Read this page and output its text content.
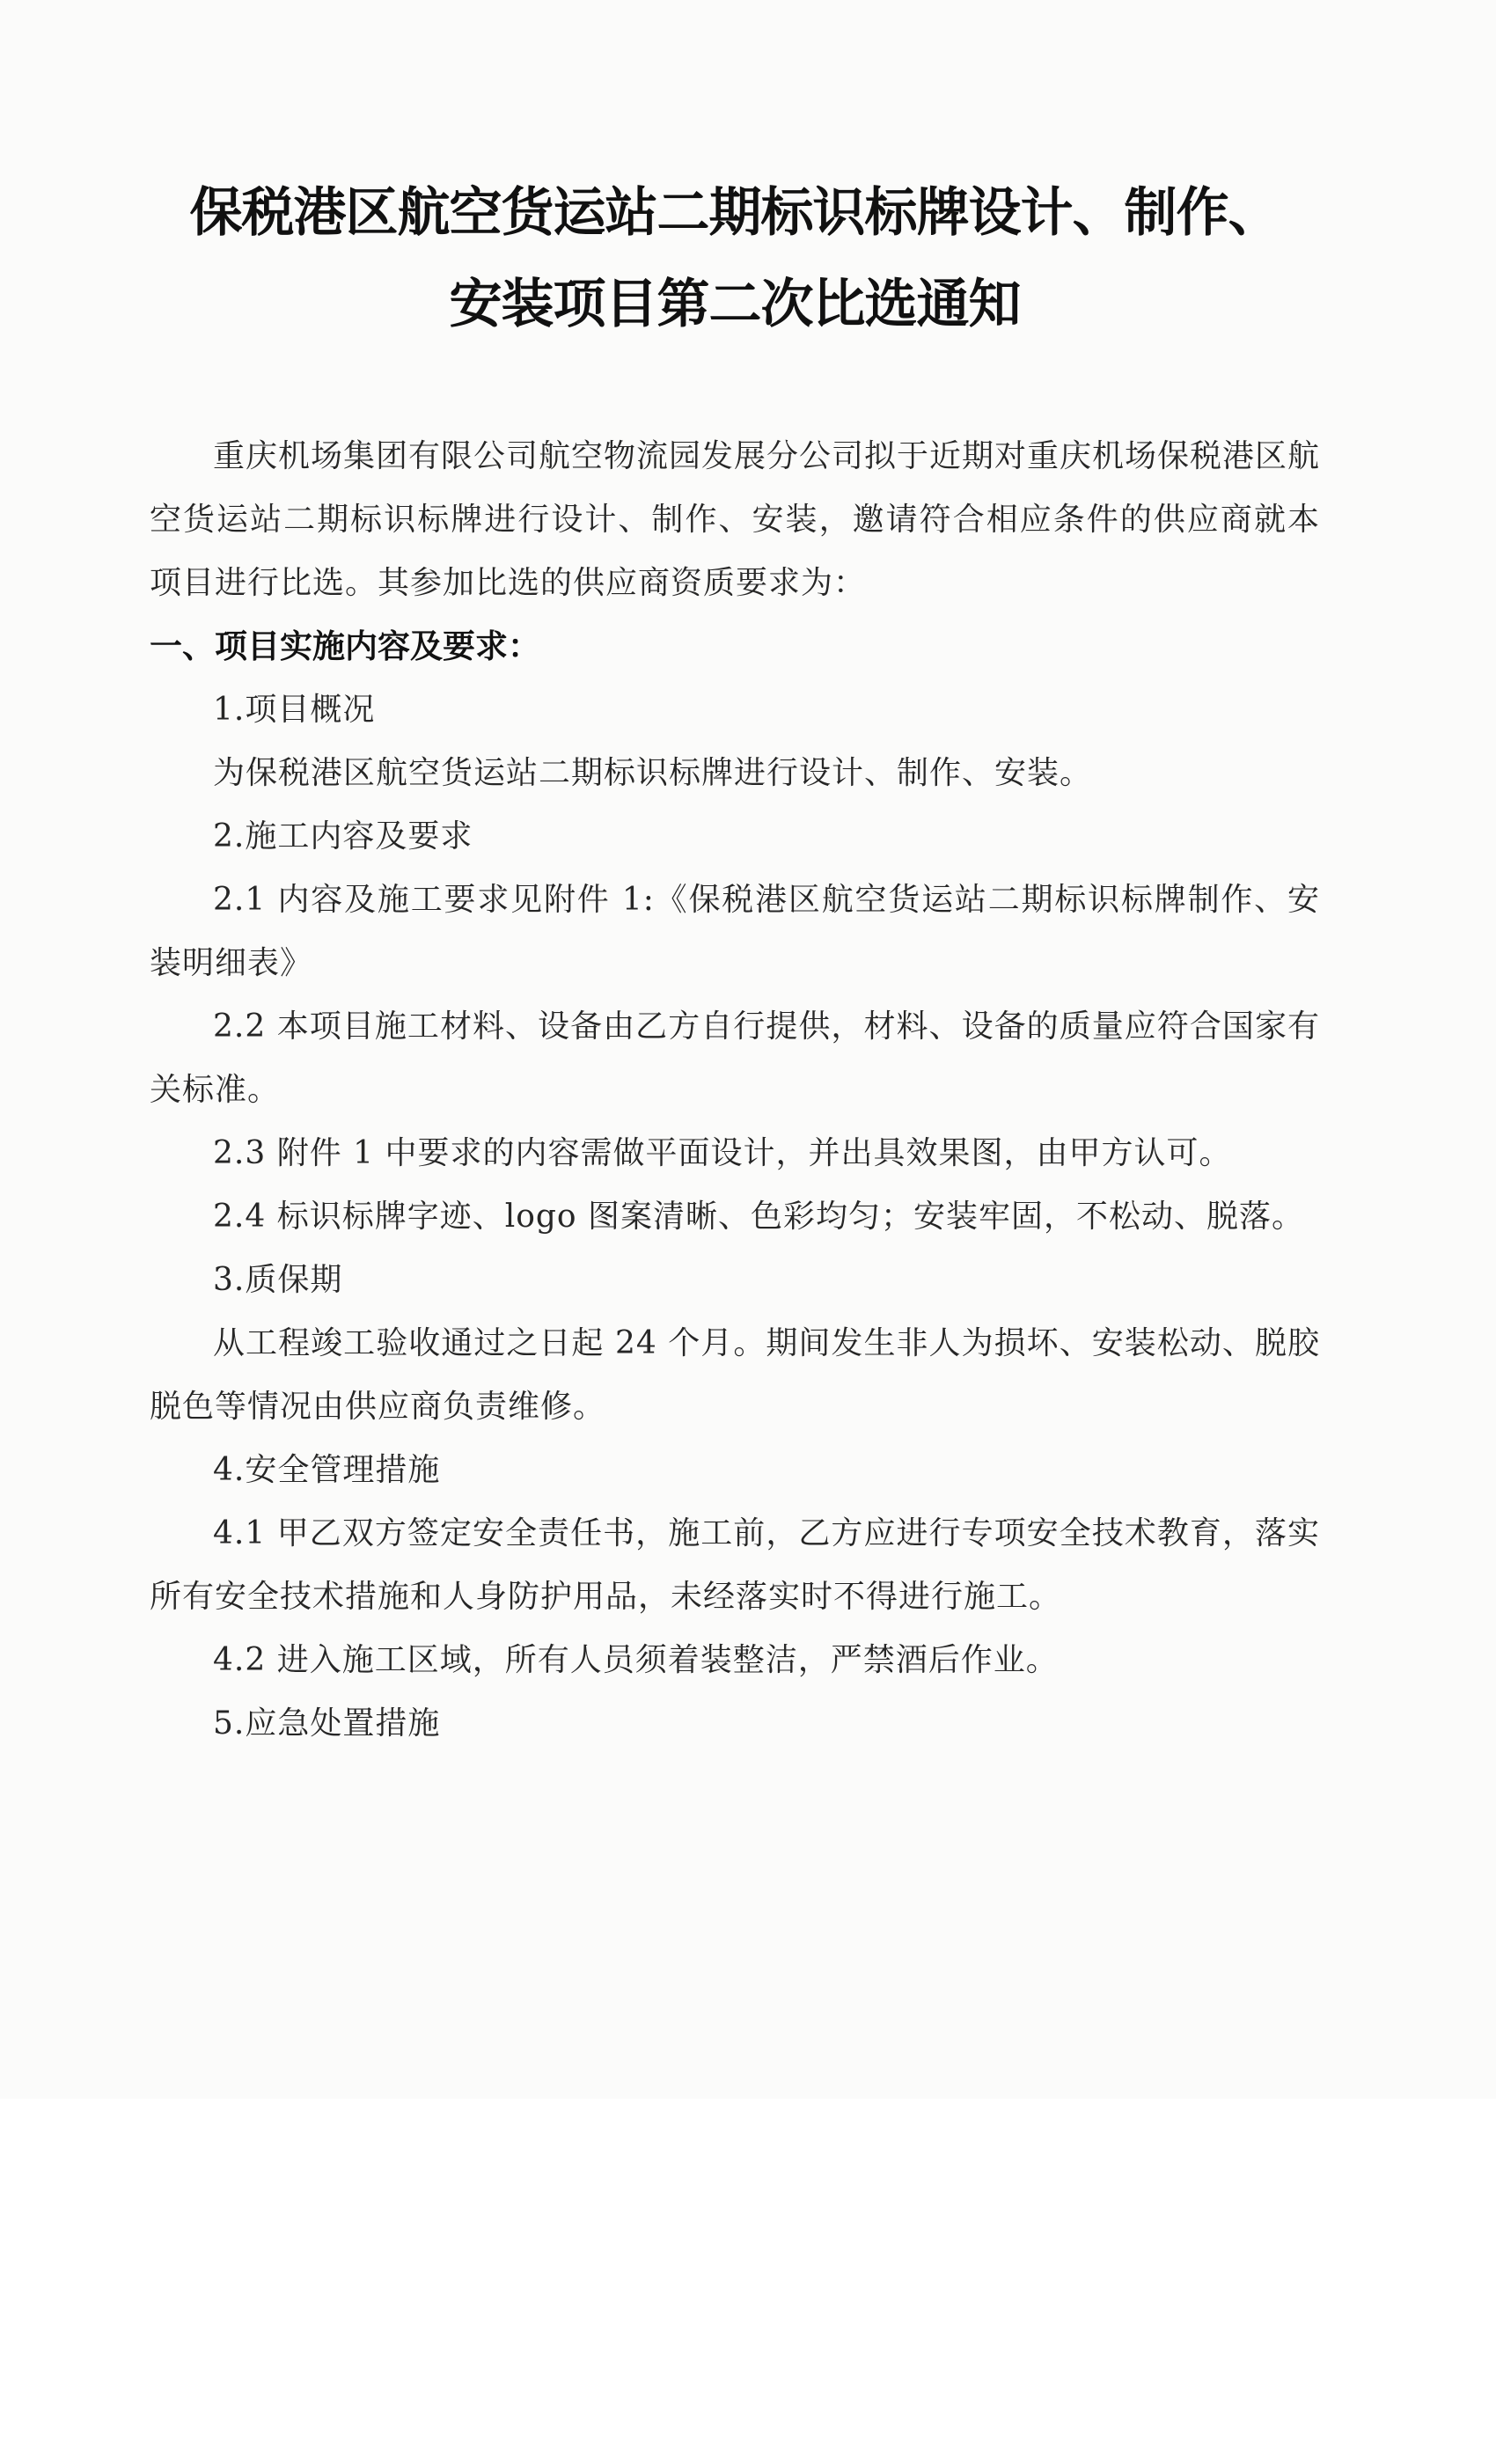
保税港区航空货运站二期标识标牌设计、制作、
安装项目第二次比选通知

重庆机场集团有限公司航空物流园发展分公司拟于近期对重庆机场保税港区航空货运站二期标识标牌进行设计、制作、安装，邀请符合相应条件的供应商就本项目进行比选。其参加比选的供应商资质要求为：

一、项目实施内容及要求：

1.项目概况

为保税港区航空货运站二期标识标牌进行设计、制作、安装。

2.施工内容及要求

2.1 内容及施工要求见附件 1:《保税港区航空货运站二期标识标牌制作、安装明细表》

2.2 本项目施工材料、设备由乙方自行提供，材料、设备的质量应符合国家有关标准。

2.3 附件 1 中要求的内容需做平面设计，并出具效果图，由甲方认可。

2.4 标识标牌字迹、logo 图案清晰、色彩均匀；安装牢固，不松动、脱落。

3.质保期

从工程竣工验收通过之日起 24 个月。期间发生非人为损坏、安装松动、脱胶脱色等情况由供应商负责维修。

4.安全管理措施

4.1 甲乙双方签定安全责任书，施工前，乙方应进行专项安全技术教育，落实所有安全技术措施和人身防护用品，未经落实时不得进行施工。

4.2 进入施工区域，所有人员须着装整洁，严禁酒后作业。

5.应急处置措施
